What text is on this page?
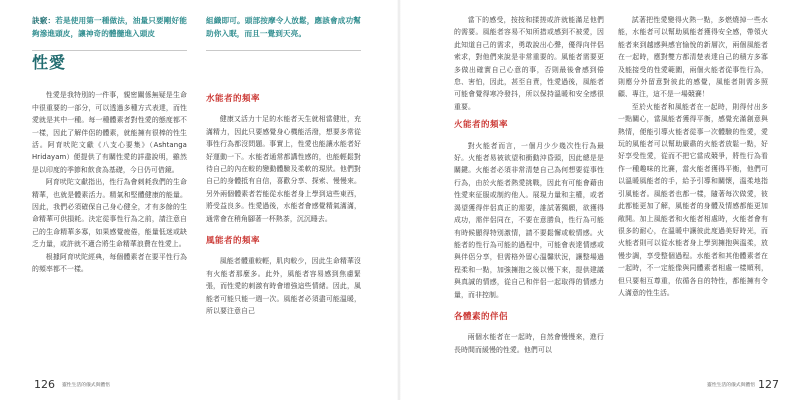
訣竅：若是使用第一種做法，油量只要剛好能夠滲進頭皮，讓神奇的體髓進入頭皮

性愛

性愛是我特別的一件事，親密關係無疑是生命中很重要的一部分，可以透過多種方式表達，而性愛就是其中一種。每一種體素者對性愛的態度都不一樣，因此了解伴侶的體素，就能擁有很棒的性生活。阿育吠陀文獻《八支心要集》（Ashtanga Hridayam）便提供了有關性愛的詳盡說明，雖然是以印度的季節和飲食為基礎，今日仍可借鏡。

阿育吠陀文獻指出，性行為會刺耗我們的生命精華，也就是體素活力。精氣和堅體健康的能量。因此，我們必須確保自己身心健全，才有多餘的生命精華可供損耗。決定從事性行為之前，請注意自己的生命精華多寡，如果感覺疲倦，能量低迷或缺乏力量，或許就不適合將生命精華浪費在性愛上。

根據阿育吠陀經典，每個體素者在要平性行為的頻率都不一樣。

組織即可。頭部按摩令人放鬆，應該會成功幫助你入眠，而且一覺到天亮。

水能者的頻率

健康又活力十足的水能者天生就相當健壯，充滿精力，因此只要感覺身心機能活潑，想要多常從事性行為都沒問題。事實上，性愛也能讓水能者好好運動一下。水能者通常都講性感的，也能輕鬆對待自己的內在較的變動體驗及柔軟的現狀。他們對自己的身體抵有自信，喜歡分享、探索、慢慢來。另外兩個體素者若能從水能者身上學到這些東西，將受益良多。性愛過後，水能者會感覺精氣滿滿，通常會在稍角腳著一杯熱茶，沉沉睡去。

風能者的頻率

風能者體重較輕，肌肉較少，因此生命精華沒有火能者那麼多。此外，風能者容易感到焦慮緊張，而性愛的刺激有時會增強這些情緒。因此，風能者可能只能一週一次。風能者必須盡可能溫暖，所以要注意自己

126 靈性生活的儀式與體悟

當下的感受，按按和揉搓或許就能滿足他們的需要。風能者容易不知所措或感到不被愛，因此知道自己的需求，勇敢說出心聲，優得向伴侶索求，對他們來說是非常重要的。風能者需要更多做出確實自己心意的事，否則最後會感到倦怠、害怕，因此，甚至自責，性愛過後，風能者可能會覺得寒冷發抖，所以保持溫暖和安全感很重要。

火能者的頻率

對火能者而言，一個月少少幾次性行為最好。火能者易被欲望和衝動沖昏頭，因此總是是關鍵。火能者必須非常清楚自己為何想要從事性行為，由於火能者熱愛挑戰，因此有可能會藉由性愛來征服或制約他人。展現力量和主權，或者渴望獲得伴侶真正的需要，誰試著獨願，欲獲得成功，需伴侶同在，不要在意勝負，性行為可能有時候顯得特別激情，請不要鬆懈或較情感。火能者的性行為可能的過程中，可能會表達情感或與伴侶分享，但需格外留心溫馨狀況，讓整場過程柔和一點，加強擁抱之後以慢下來，提供建議與真誠的情感，從自己和伴侶一起取得的情感力量，而非控制。

各體素的伴侶

兩個水能者在一起時，自然會慢慢來，進行長時間而緩慢的性愛。他們可以

試著把性愛變得火熱一點，多燃燒掉一些水能，水能者可以幫助風能者獲得安全感，帶領火能者來到越感與感官愉悅的新層次，兩個風能者在一起時，應對雙方都清楚表達自己的積方多寡及能接受的性愛範圍，兩個火能者從事性行為，則應分外留意對彼此的感覺，風能者則需多照顧、專注，這不是一場競賽！

至於火能者和風能者在一起時，則得付出多一點關心，當風能者獲得平衡，感覺充滿創意與熱情，便能引導火能者從事一次體驗的性愛，愛玩的風能者可以幫助嚴肅的火能者放鬆一點，好好享受性愛，從而不把它當成競爭，將性行為看作一種趣味的比賽，當火能者獲得平衡，他們可以溫暖風能者的手，給予引導和關懷，溫柔地指引風能者。風能者也都一樣，隨著每次做愛，彼此都能更加了解，風能者的身體及情感都能更加敞開。加上風能者和火能者相處時，火能者會有很多的耐心，在溫暖中讓彼此度過美好時光，而火能者則可以從水能者身上學到擁抱與溫柔，放慢步調，享受整個過程。水能者和其他體素者在一起時，不一定能像與同體素者相處一樣順利，但只要相互尊重，依循各自的特性，都能擁有令人滿意的性生活。

靈性生活的儀式與體悟 127
